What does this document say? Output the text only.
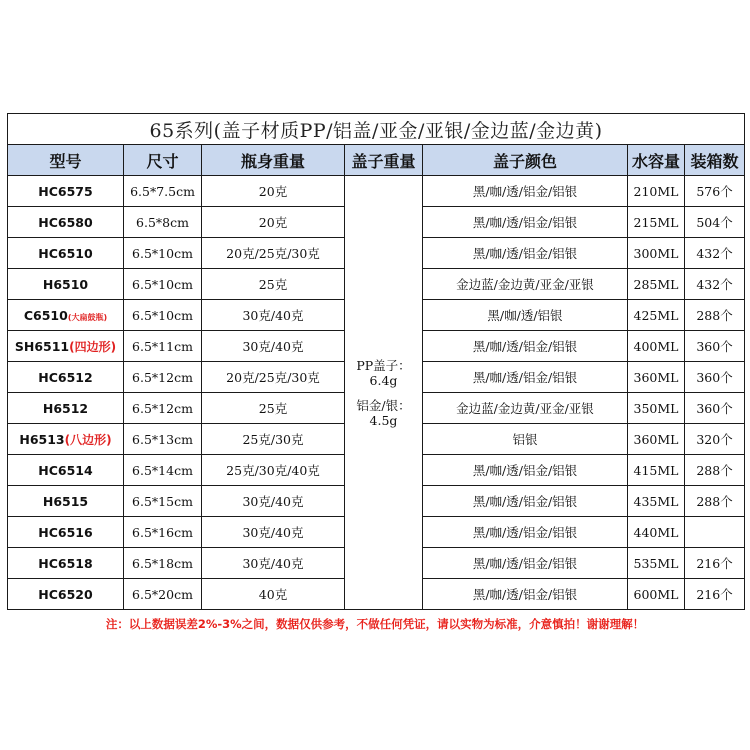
65系列(盖子材质PP/铝盖/亚金/亚银/金边蓝/金边黄)						
型号	尺寸	瓶身重量	盖子重量	盖子颜色	水容量	装箱数
HC6575	6.5*7.5cm	20克	PP盖子：6.4g
铝金/银：
4.5g	黑/咖/透/铝金/铝银	210ML	576个
HC6580	6.5*8cm	20克		黑/咖/透/铝金/铝银	215ML	504个
HC6510	6.5*10cm	20克/25克/30克		黑/咖/透/铝金/铝银	300ML	432个
H6510	6.5*10cm	25克		金边蓝/金边黄/亚金/亚银	285ML	432个
C6510(大扁鼓瓶)	6.5*10cm	30克/40克		黑/咖/透/铝银	425ML	288个
SH6511(四边形)	6.5*11cm	30克/40克		黑/咖/透/铝金/铝银	400ML	360个
HC6512	6.5*12cm	20克/25克/30克		黑/咖/透/铝金/铝银	360ML	360个
H6512	6.5*12cm	25克		金边蓝/金边黄/亚金/亚银	350ML	360个
H6513(八边形)	6.5*13cm	25克/30克		铝银	360ML	320个
HC6514	6.5*14cm	25克/30克/40克		黑/咖/透/铝金/铝银	415ML	288个
H6515	6.5*15cm	30克/40克		黑/咖/透/铝金/铝银	435ML	288个
HC6516	6.5*16cm	30克/40克		黑/咖/透/铝金/铝银	440ML	
HC6518	6.5*18cm	30克/40克		黑/咖/透/铝金/铝银	535ML	216个
HC6520	6.5*20cm	40克		黑/咖/透/铝金/铝银	600ML	216个
注：以上数据误差2%-3%之间，数据仅供参考，不做任何凭证，请以实物为标准，介意慎拍！谢谢理解！
